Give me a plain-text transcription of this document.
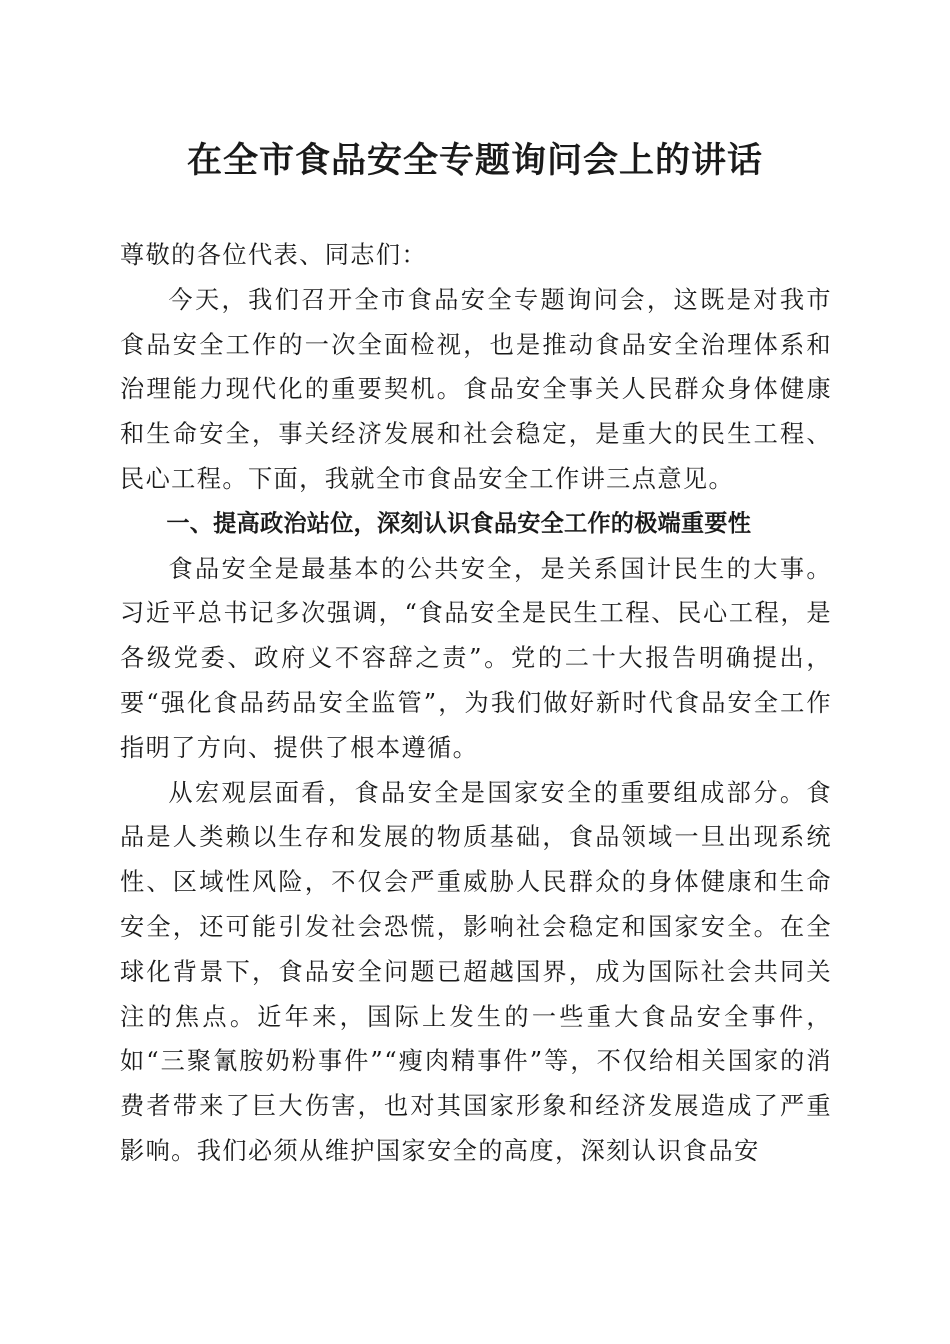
在全市食品安全专题询问会上的讲话

尊敬的各位代表、同志们：

今天，我们召开全市食品安全专题询问会，这既是对我市食品安全工作的一次全面检视，也是推动食品安全治理体系和治理能力现代化的重要契机。食品安全事关人民群众身体健康和生命安全，事关经济发展和社会稳定，是重大的民生工程、民心工程。下面，我就全市食品安全工作讲三点意见。

一、提高政治站位，深刻认识食品安全工作的极端重要性

食品安全是最基本的公共安全，是关系国计民生的大事。习近平总书记多次强调，“食品安全是民生工程、民心工程，是各级党委、政府义不容辞之责”。党的二十大报告明确提出，要“强化食品药品安全监管”，为我们做好新时代食品安全工作指明了方向、提供了根本遵循。

从宏观层面看，食品安全是国家安全的重要组成部分。食品是人类赖以生存和发展的物质基础，食品领域一旦出现系统性、区域性风险，不仅会严重威胁人民群众的身体健康和生命安全，还可能引发社会恐慌，影响社会稳定和国家安全。在全球化背景下，食品安全问题已超越国界，成为国际社会共同关注的焦点。近年来，国际上发生的一些重大食品安全事件，如“三聚氰胺奶粉事件”“瘦肉精事件”等，不仅给相关国家的消费者带来了巨大伤害，也对其国家形象和经济发展造成了严重影响。我们必须从维护国家安全的高度，深刻认识食品安
